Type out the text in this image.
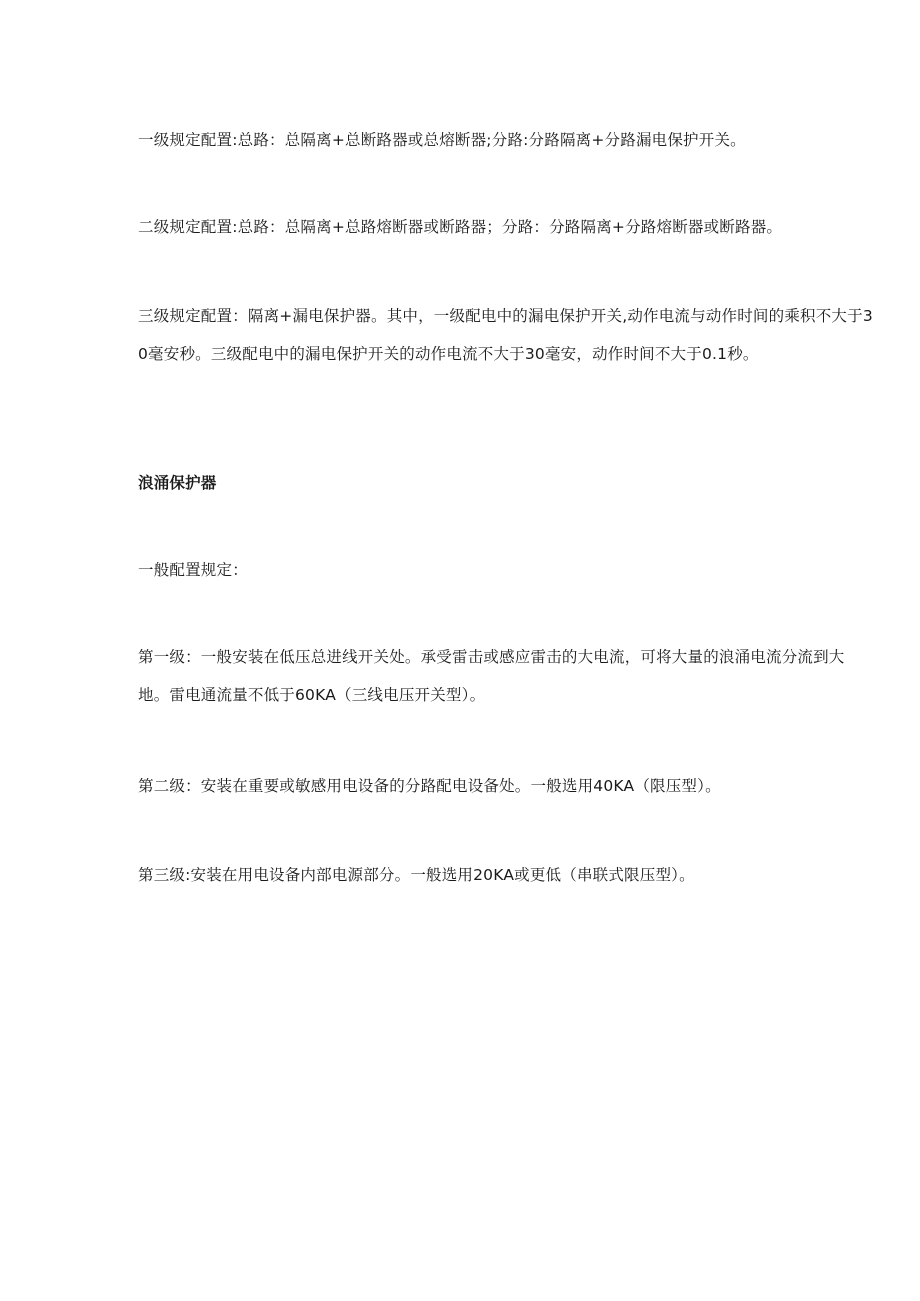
一级规定配置:总路：总隔离+总断路器或总熔断器;分路:分路隔离+分路漏电保护开关。
二级规定配置:总路：总隔离+总路熔断器或断路器；分路：分路隔离+分路熔断器或断路器。
三级规定配置：隔离+漏电保护器。其中，一级配电中的漏电保护开关,动作电流与动作时间的乘积不大于30毫安秒。三级配电中的漏电保护开关的动作电流不大于30毫安，动作时间不大于0.1秒。
浪涌保护器
一般配置规定：
第一级：一般安装在低压总进线开关处。承受雷击或感应雷击的大电流，可将大量的浪涌电流分流到大地。雷电通流量不低于60KA（三线电压开关型）。
第二级：安装在重要或敏感用电设备的分路配电设备处。一般选用40KA（限压型）。
第三级:安装在用电设备内部电源部分。一般选用20KA或更低（串联式限压型）。
